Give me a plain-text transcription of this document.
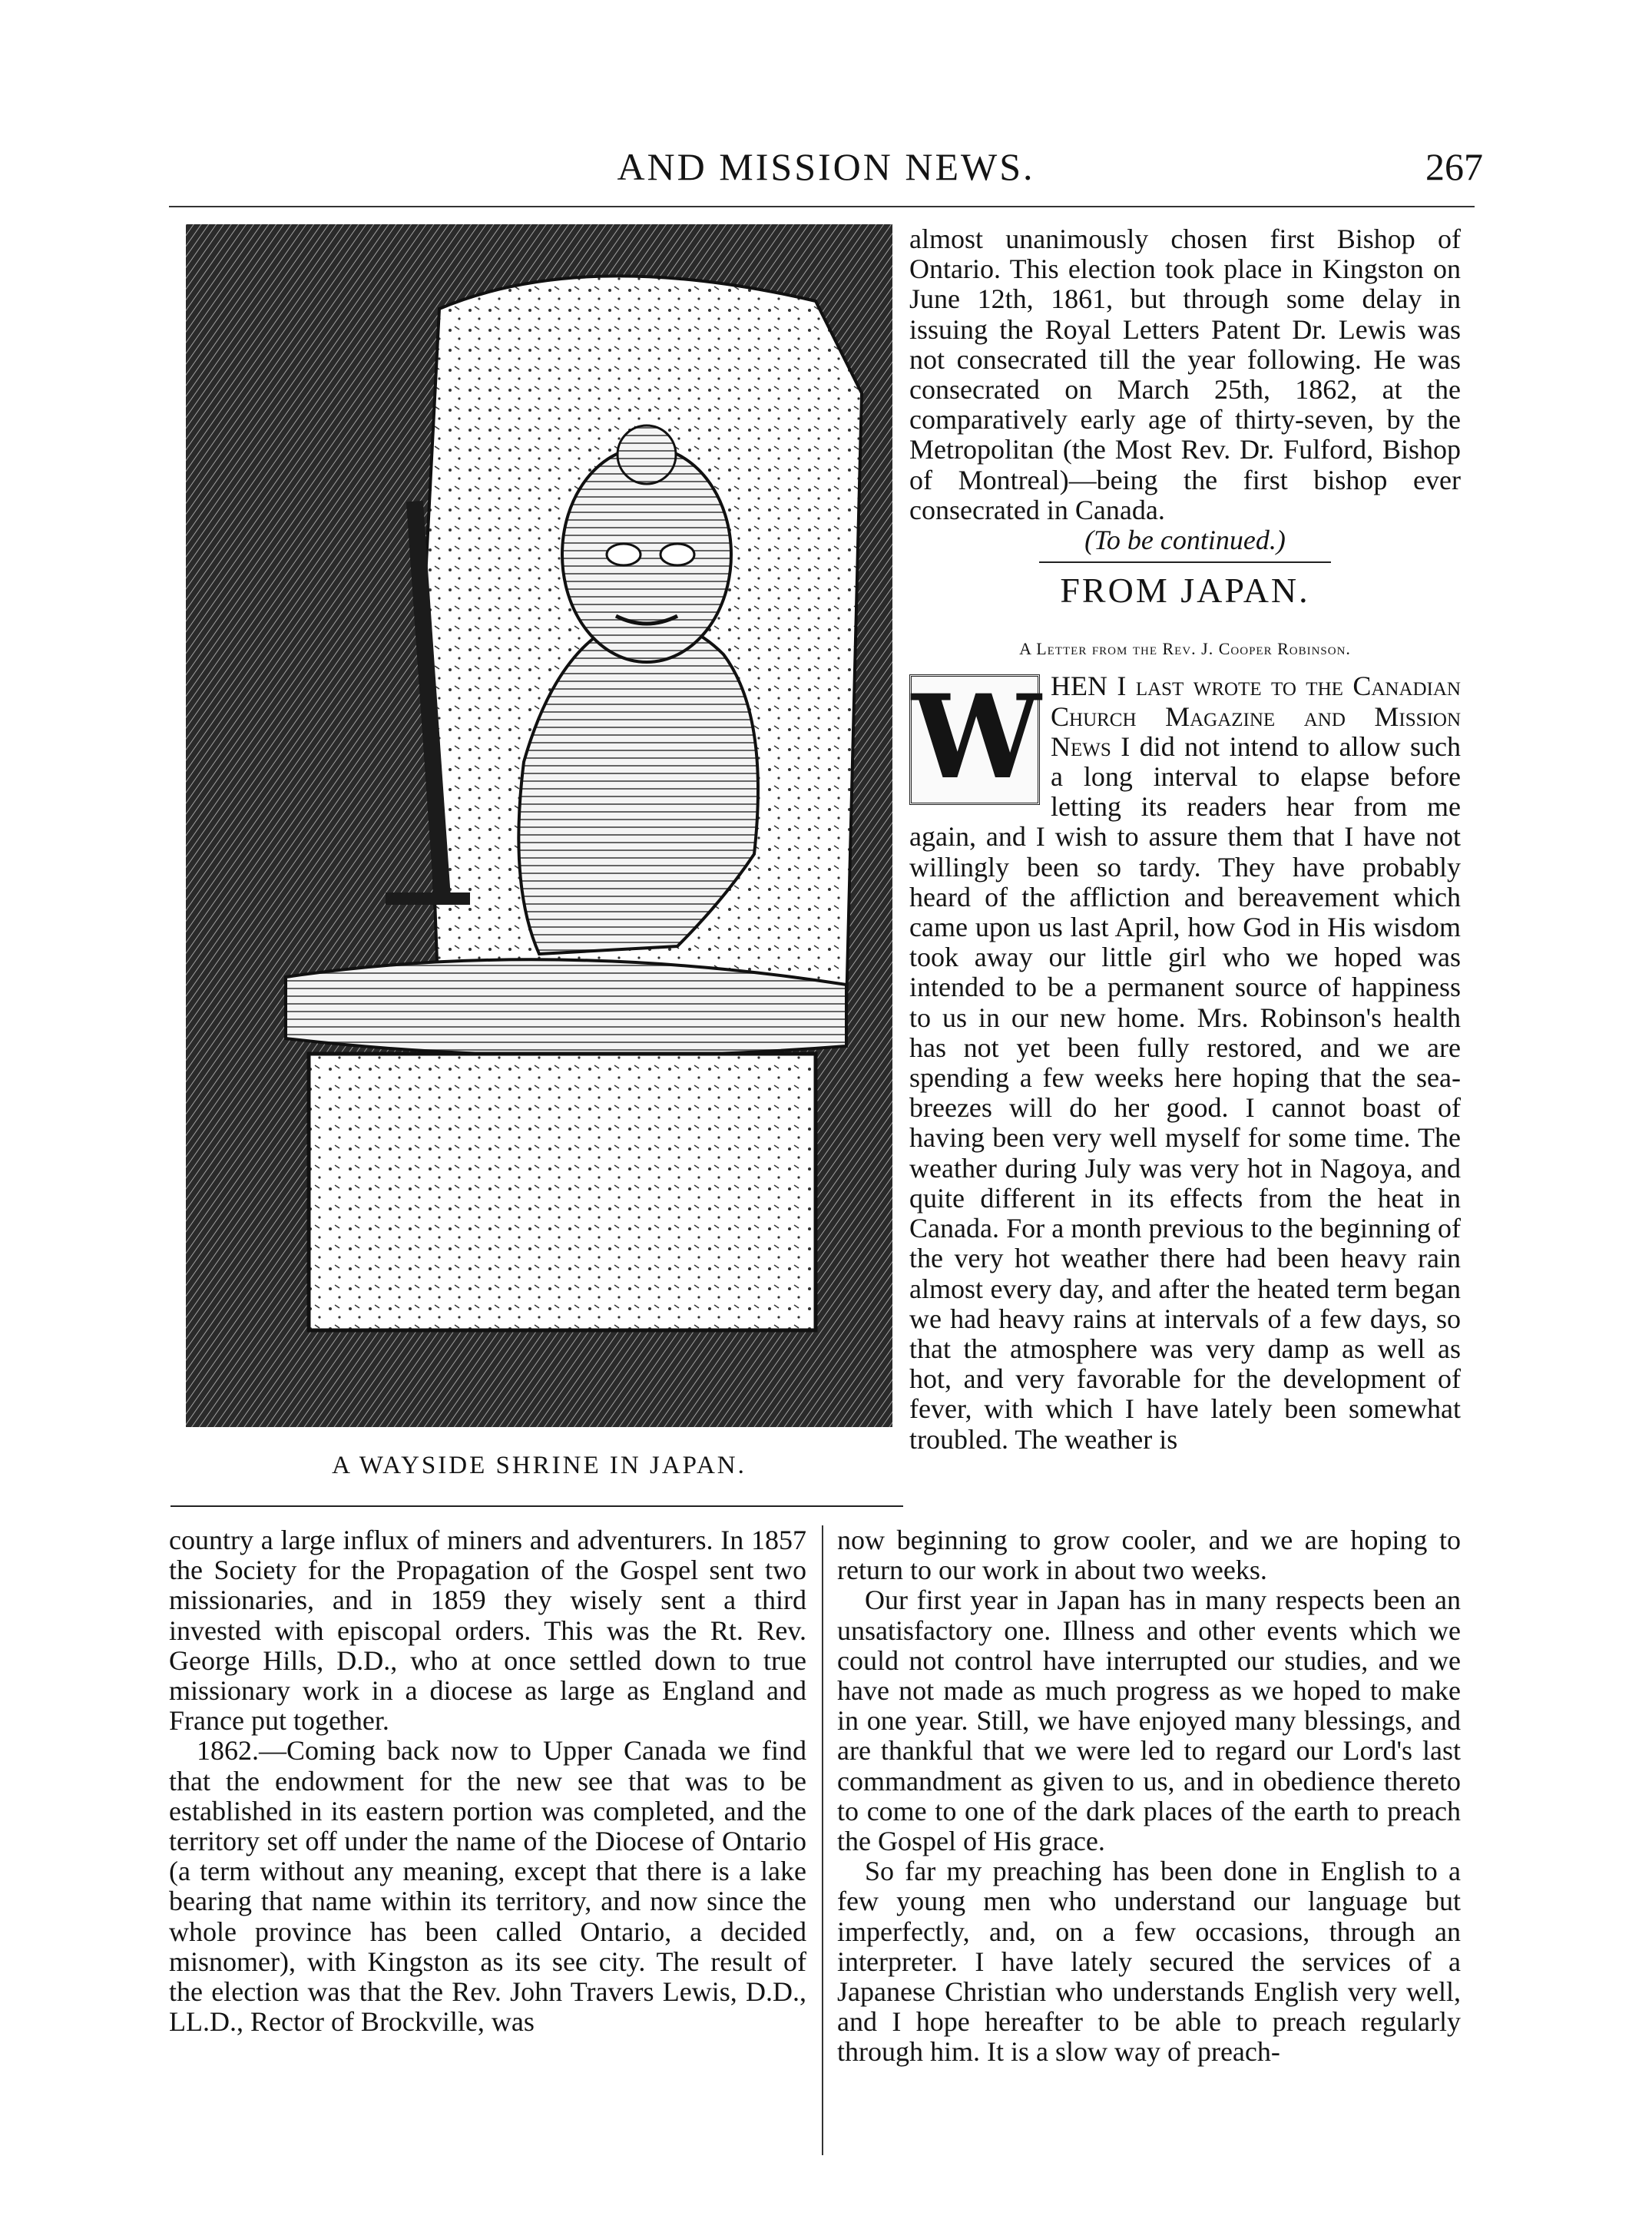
AND MISSION NEWS.	267
A WAYSIDE SHRINE IN JAPAN.

almost unanimously chosen first Bishop of Ontario. This election took place in Kingston on June 12th, 1861, but through some delay in issuing the Royal Letters Patent Dr. Lewis was not consecrated till the year following. He was consecrated on March 25th, 1862, at the comparatively early age of thirty-seven, by the Metropolitan (the Most Rev. Dr. Fulford, Bishop of Montreal)—being the first bishop ever consecrated in Canada.

(To be continued.)

FROM JAPAN.
A Letter from the Rev. J. Cooper Robinson.

W HEN I last wrote to the Canadian Church Magazine and Mission News I did not intend to allow such a long interval to elapse before letting its readers hear from me again, and I wish to assure them that I have not willingly been so tardy. They have probably heard of the affliction and bereavement which came upon us last April, how God in His wisdom took away our little girl who we hoped was intended to be a permanent source of happiness to us in our new home. Mrs. Robinson's health has not yet been fully restored, and we are spending a few weeks here hoping that the sea-breezes will do her good. I cannot boast of having been very well myself for some time. The weather during July was very hot in Nagoya, and quite different in its effects from the heat in Canada. For a month previous to the beginning of the very hot weather there had been heavy rain almost every day, and after the heated term began we had heavy rains at intervals of a few days, so that the atmosphere was very damp as well as hot, and very favorable for the development of fever, with which I have lately been somewhat troubled. The weather is

country a large influx of miners and adventurers. In 1857 the Society for the Propagation of the Gospel sent two missionaries, and in 1859 they wisely sent a third invested with episcopal orders. This was the Rt. Rev. George Hills, D.D., who at once settled down to true missionary work in a diocese as large as England and France put together.

1862.—Coming back now to Upper Canada we find that the endowment for the new see that was to be established in its eastern portion was completed, and the territory set off under the name of the Diocese of Ontario (a term without any meaning, except that there is a lake bearing that name within its territory, and now since the whole province has been called Ontario, a decided misnomer), with Kingston as its see city. The result of the election was that the Rev. John Travers Lewis, D.D., LL.D., Rector of Brockville, was

now beginning to grow cooler, and we are hoping to return to our work in about two weeks.

Our first year in Japan has in many respects been an unsatisfactory one. Illness and other events which we could not control have interrupted our studies, and we have not made as much progress as we hoped to make in one year. Still, we have enjoyed many blessings, and are thankful that we were led to regard our Lord's last commandment as given to us, and in obedience thereto to come to one of the dark places of the earth to preach the Gospel of His grace.

So far my preaching has been done in English to a few young men who understand our language but imperfectly, and, on a few occasions, through an interpreter. I have lately secured the services of a Japanese Christian who understands English very well, and I hope hereafter to be able to preach regularly through him. It is a slow way of preach-
